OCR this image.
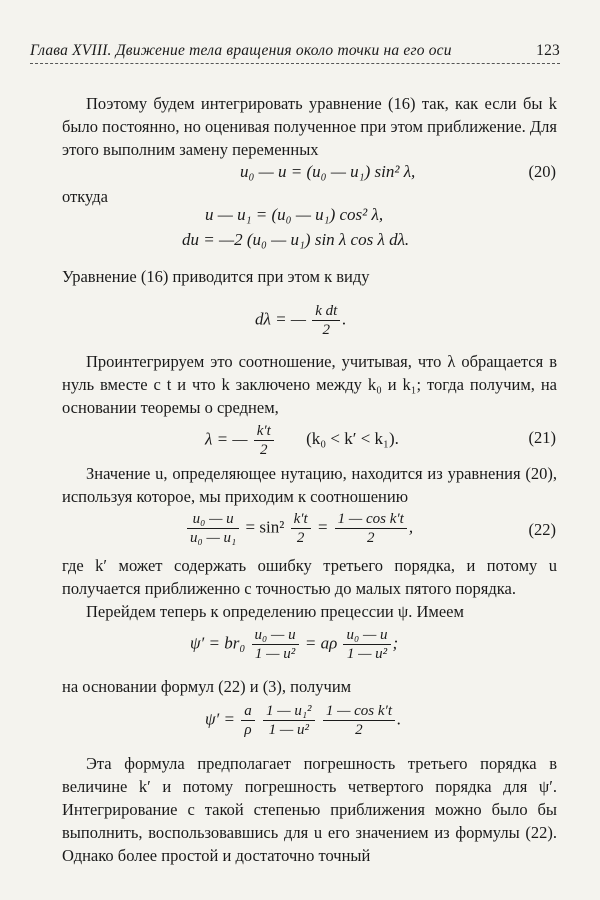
Глава XVIII. Движение тела вращения около точки на его оси	123
Поэтому будем интегрировать уравнение (16) так, как если бы k было постоянно, но оценивая полученное при этом приближение. Для этого выполним замену переменных
u₀ — u = (u₀ — u₁) sin² λ,	(20)
откуда
u — u₁ = (u₀ — u₁) cos² λ,
du = —2 (u₀ — u₁) sin λ cos λ dλ.
Уравнение (16) приводится при этом к виду
dλ = — $\frac{\text{k dt}}{2}$ .
Проинтегрируем это соотношение, учитывая, что λ обращается в нуль вместе с t и что k заключено между k₀ и k₁; тогда получим, на основании теоремы о среднем,
λ = — $\frac{k't}{2} (k_0 < k' < k_1)$.	(21)
Значение u, определяющее нутацию, находится из уравнения (20), используя которое, мы приходим к соотношению
$\frac{\text{u₀ — u}}{\text{u₀ — u₁}} = \sin^2 \frac{k't}{2} = \frac{\text{1 — cos k′t}}{2}$ ,	(22)
где k′ может содержать ошибку третьего порядка, и потому u получается приближенно с точностью до малых пятого порядка.
Перейдем теперь к определению прецессии ψ. Имеем
$\psi' = br_0 \frac{\text{u₀ — u}}{\text{1 — u²}} = a\rho \frac{\text{u₀ — u}}{\text{1 — u²}}$ ;
на основании формул (22) и (3), получим
$\psi' = \frac{a}{\rho}$
$\frac{\text{1 — u₁²}}{\text{1 — u²}}$
$\frac{\text{1 — cos k′t}}{2}$ .
Эта формула предполагает погрешность третьего порядка в величине k′ и потому погрешность четвертого порядка для ψ′. Интегрирование с такой степенью приближения можно было бы выполнить, воспользовавшись для u его значением из формулы (22). Однако более простой и достаточно точный
